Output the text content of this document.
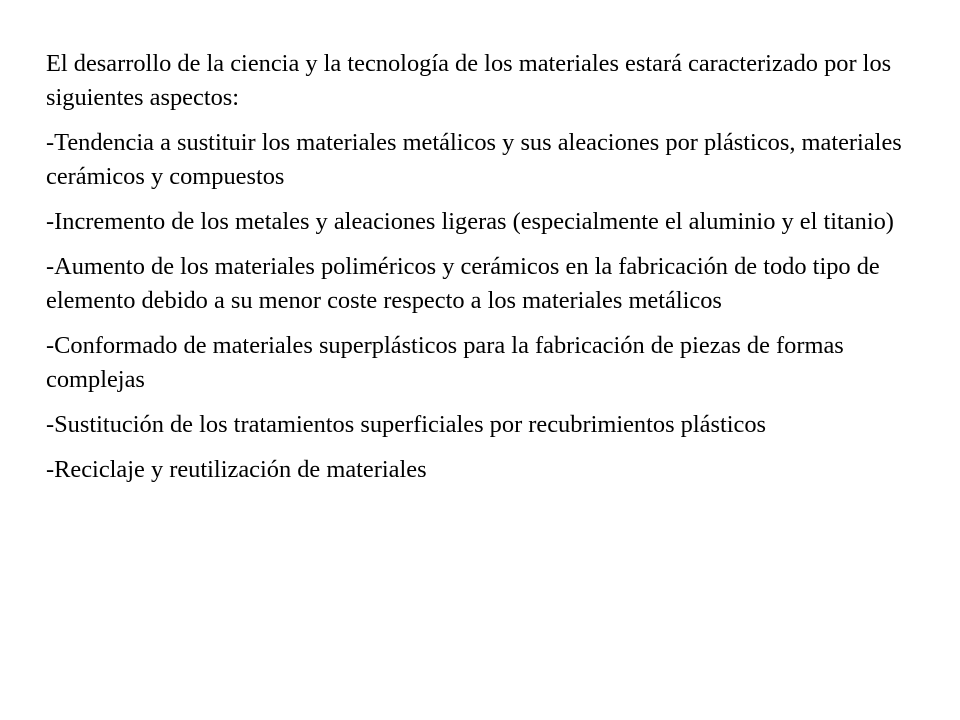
El desarrollo de la ciencia y la tecnología de los materiales estará caracterizado por los siguientes aspectos:

-Tendencia a sustituir los materiales metálicos y sus aleaciones por plásticos, materiales cerámicos y compuestos

-Incremento de los metales y aleaciones ligeras (especialmente el aluminio y el titanio)

-Aumento de los materiales poliméricos y cerámicos en la fabricación de todo tipo de elemento debido a su menor coste respecto a los materiales metálicos

-Conformado de materiales superplásticos para la fabricación de piezas de formas complejas

-Sustitución de los tratamientos superficiales por recubrimientos plásticos

-Reciclaje y reutilización de materiales
